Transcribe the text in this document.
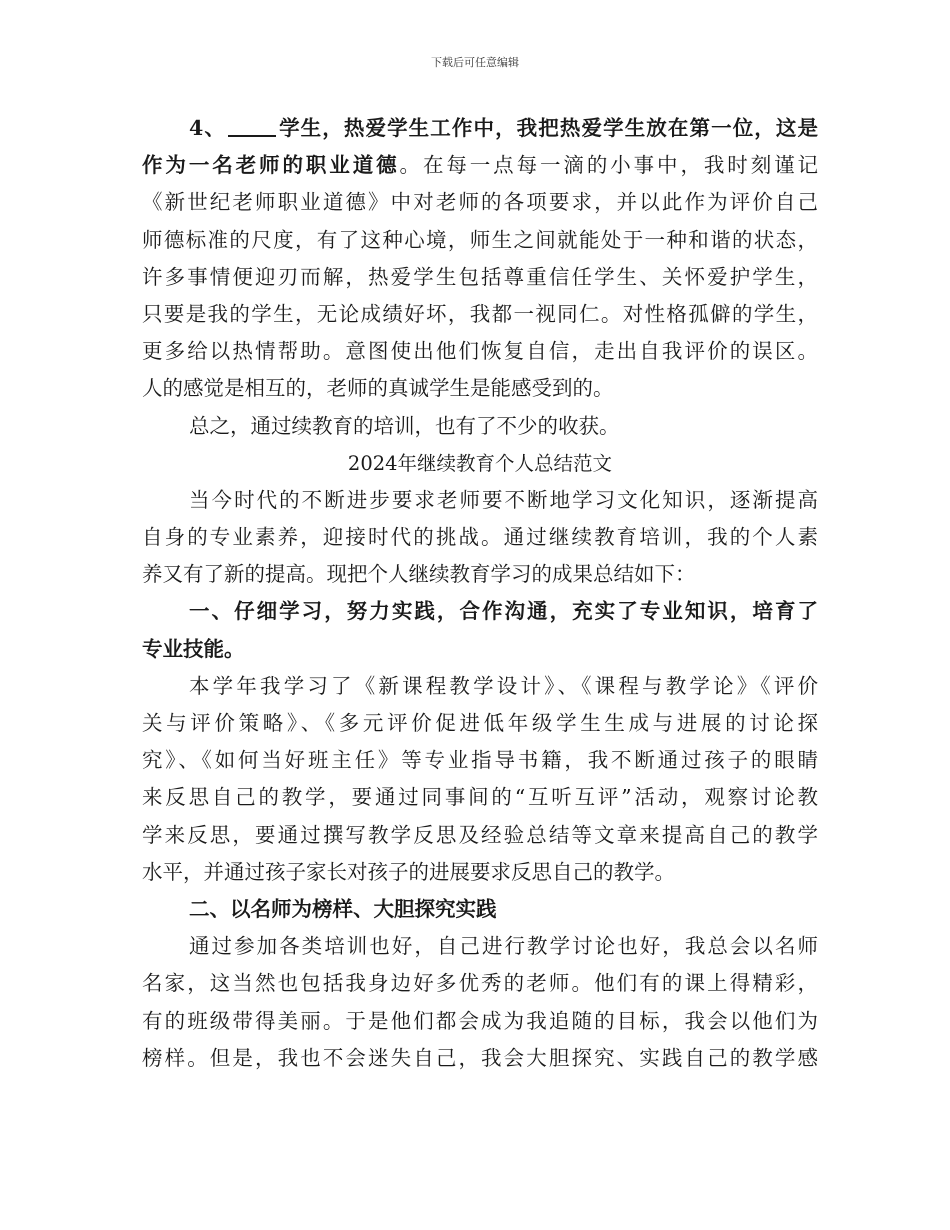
下载后可任意编辑
4、	学生，热爱学生工作中，我把热爱学生放在第一位，这是
作为一名老师的职业道德。在每一点每一滴的小事中，我时刻谨记
《新世纪老师职业道德》中对老师的各项要求，并以此作为评价自己
师德标准的尺度，有了这种心境，师生之间就能处于一种和谐的状态，
许多事情便迎刃而解，热爱学生包括尊重信任学生、关怀爱护学生，
只要是我的学生，无论成绩好坏，我都一视同仁。对性格孤僻的学生，
更多给以热情帮助。意图使出他们恢复自信，走出自我评价的误区。
人的感觉是相互的，老师的真诚学生是能感受到的。
总之，通过续教育的培训，也有了不少的收获。
2024年继续教育个人总结范文
当今时代的不断进步要求老师要不断地学习文化知识，逐渐提高
自身的专业素养，迎接时代的挑战。通过继续教育培训，我的个人素
养又有了新的提高。现把个人继续教育学习的成果总结如下：
一、仔细学习，努力实践，合作沟通，充实了专业知识，培育了
专业技能。
本学年我学习了《新课程教学设计》、《课程与教学论》《评价
关与评价策略》、《多元评价促进低年级学生生成与进展的讨论探
究》、《如何当好班主任》等专业指导书籍，我不断通过孩子的眼睛
来反思自己的教学，要通过同事间的“互听互评”活动，观察讨论教
学来反思，要通过撰写教学反思及经验总结等文章来提高自己的教学
水平，并通过孩子家长对孩子的进展要求反思自己的教学。
二、以名师为榜样、大胆探究实践
通过参加各类培训也好，自己进行教学讨论也好，我总会以名师
名家，这当然也包括我身边好多优秀的老师。他们有的课上得精彩，
有的班级带得美丽。于是他们都会成为我追随的目标，我会以他们为
榜样。但是，我也不会迷失自己，我会大胆探究、实践自己的教学感
